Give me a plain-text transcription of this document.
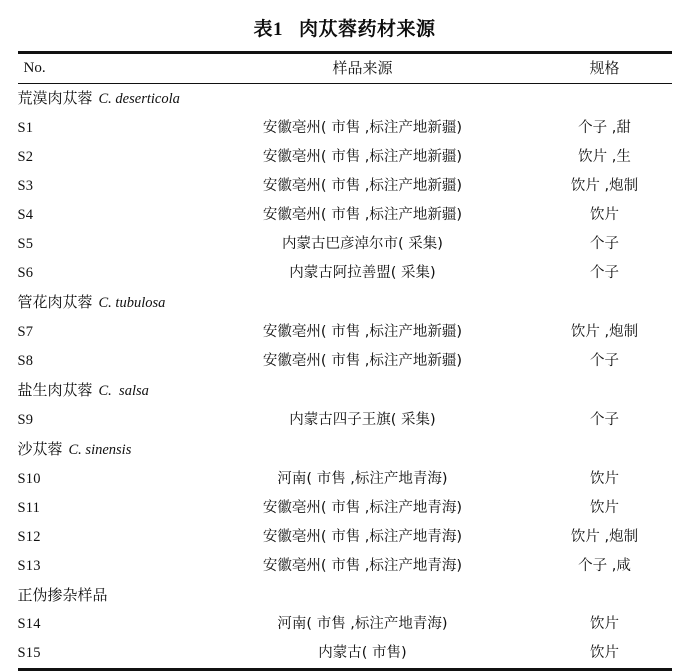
表1 肉苁蓉药材来源
No.	样品来源	规格
荒漠肉苁蓉 C. deserticola		
S1	安徽亳州( 市售 ,标注产地新疆)	个子 ,甜
S2	安徽亳州( 市售 ,标注产地新疆)	饮片 ,生
S3	安徽亳州( 市售 ,标注产地新疆)	饮片 ,炮制
S4	安徽亳州( 市售 ,标注产地新疆)	饮片
S5	内蒙古巴彦淖尔市( 采集)	个子
S6	内蒙古阿拉善盟( 采集)	个子
管花肉苁蓉 C. tubulosa		
S7	安徽亳州( 市售 ,标注产地新疆)	饮片 ,炮制
S8	安徽亳州( 市售 ,标注产地新疆)	个子
盐生肉苁蓉 C.  salsa		
S9	内蒙古四子王旗( 采集)	个子
沙苁蓉 C. sinensis		
S10	河南( 市售 ,标注产地青海)	饮片
S11	安徽亳州( 市售 ,标注产地青海)	饮片
S12	安徽亳州( 市售 ,标注产地青海)	饮片 ,炮制
S13	安徽亳州( 市售 ,标注产地青海)	个子 ,咸
正伪掺杂样品		
S14	河南( 市售 ,标注产地青海)	饮片
S15	内蒙古( 市售)	饮片
